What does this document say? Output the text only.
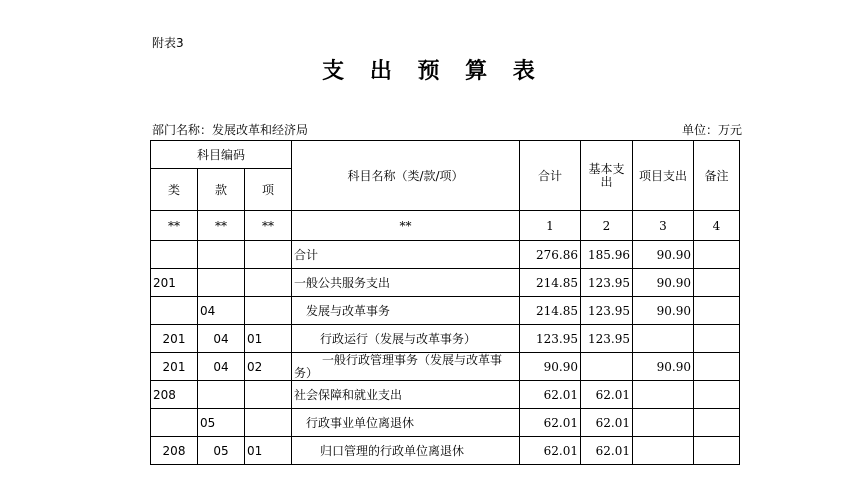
附表3
支 出 预 算 表
部门名称：发展改革和经济局	单位：万元
科目编码			科目名称（类/款/项）	合计	基本支出	项目支出	备注
类	款	项					
**	**	**	**	1	2	3	4
			合计	276.86	185.96	90.90	
201			一般公共服务支出	214.85	123.95	90.90	
	04		发展与改革事务	214.85	123.95	90.90	
201	04	01	行政运行（发展与改革事务）	123.95	123.95		
201	04	02	一般行政管理事务（发展与改革事务）	90.90		90.90	
208			社会保障和就业支出	62.01	62.01		
	05		行政事业单位离退休	62.01	62.01		
208	05	01	归口管理的行政单位离退休	62.01	62.01		
